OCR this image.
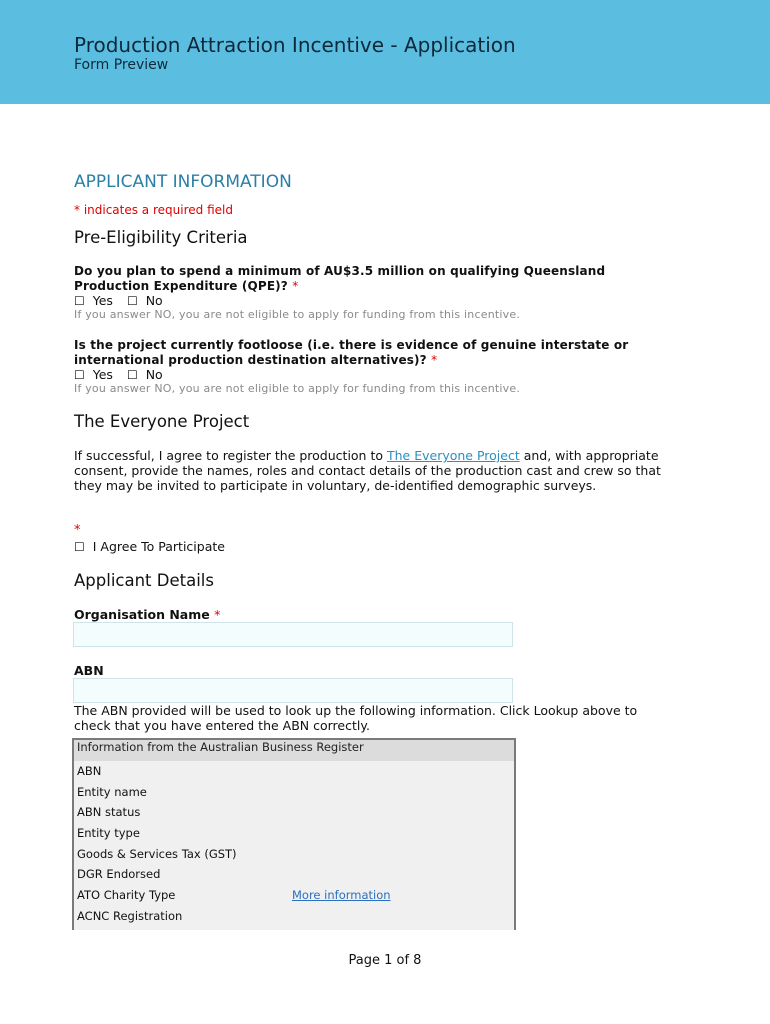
Production Attraction Incentive - Application
Form Preview
APPLICANT INFORMATION
* indicates a required field
Pre-Eligibility Criteria
Do you plan to spend a minimum of AU$3.5 million on qualifying Queensland Production Expenditure (QPE)? *
☐ Yes ☐ No
If you answer NO, you are not eligible to apply for funding from this incentive.
Is the project currently footloose (i.e. there is evidence of genuine interstate or international production destination alternatives)? *
☐ Yes ☐ No
If you answer NO, you are not eligible to apply for funding from this incentive.
The Everyone Project
If successful, I agree to register the production to The Everyone Project and, with appropriate consent, provide the names, roles and contact details of the production cast and crew so that they may be invited to participate in voluntary, de-identified demographic surveys.
*
☐ I Agree To Participate
Applicant Details
Organisation Name *
ABN
The ABN provided will be used to look up the following information. Click Lookup above to check that you have entered the ABN correctly.
Information from the Australian Business Register
ABN
Entity name
ABN status
Entity type
Goods & Services Tax (GST)
DGR Endorsed
ATO Charity Type	More information
ACNC Registration
Page 1 of 8
